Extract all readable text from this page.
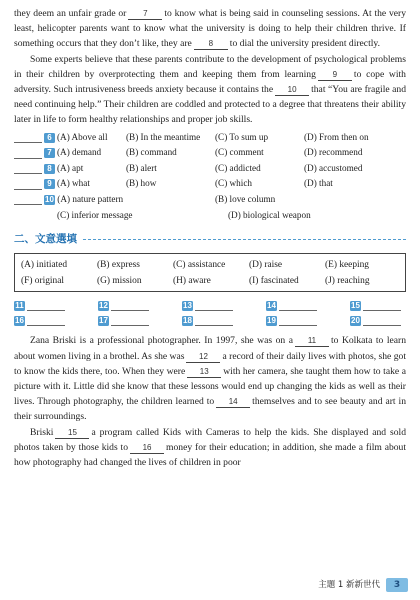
they deem an unfair grade or 7 to know what is being said in counseling sessions. At the very least, helicopter parents want to know what the university is doing to help their children thrive. If something occurs that they don’t like, they are 8 to dial the university president directly.

Some experts believe that these parents contribute to the development of psychological problems in their children by overprotecting them and keeping them from learning 9 to cope with adversity. Such intrusiveness breeds anxiety because it contains the 10 that “You are fragile and need continuing help.” Their children are coddled and protected to a degree that threatens their ability later in life to form healthy relationships and proper job skills.

6 (A) Above all	(B) In the meantime	(C) To sum up	(D) From then on
7 (A) demand	(B) command	(C) comment	(D) recommend
8 (A) apt	(B) alert	(C) addicted	(D) accustomed
9 (A) what	(B) how	(C) which	(D) that
10 (A) nature pattern	(B) love column
(C) inferior message	(D) biological weapon
二、文意選填
(A) initiated	(B) express	(C) assistance	(D) raise	(E) keeping
(F) original	(G) mission	(H) aware	(I) fascinated	(J) reaching
11	12	13	14	15
16	17	18	19	20

Zana Briski is a professional photographer. In 1997, she was on a 11 to Kolkata to learn about women living in a brothel. As she was 12 a record of their daily lives with photos, she got to know the kids there, too. When they were 13 with her camera, she taught them how to take a picture with it. Little did she know that these lessons would end up changing the kids as well as their lives. Through photography, the children learned to 14 themselves and to see beauty and art in their surroundings.

Briski 15 a program called Kids with Cameras to help the kids. She displayed and sold photos taken by those kids to 16 money for their education; in addition, she made a film about how photography had changed the lives of children in poor

主題 1 新新世代	3
